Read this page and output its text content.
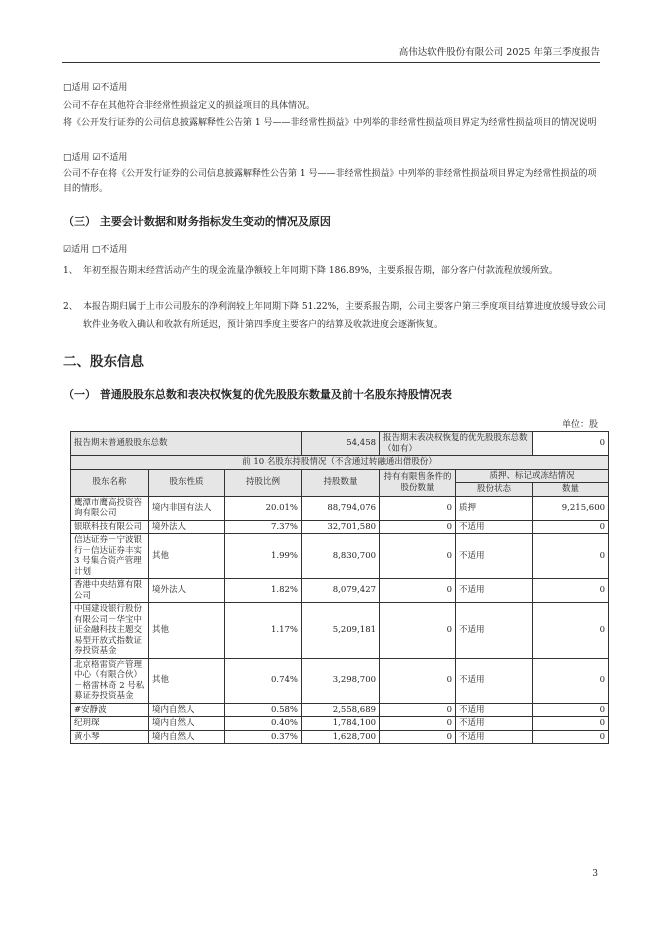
高伟达软件股份有限公司 2025 年第三季度报告
□适用 ☑不适用
公司不存在其他符合非经常性损益定义的损益项目的具体情况。
将《公开发行证券的公司信息披露解释性公告第 1 号——非经常性损益》中列举的非经常性损益项目界定为经常性损益项目的情况说明
□适用 ☑不适用
公司不存在将《公开发行证券的公司信息披露解释性公告第 1 号——非经常性损益》中列举的非经常性损益项目界定为经常性损益的项目的情形。
（三） 主要会计数据和财务指标发生变动的情况及原因
☑适用 □不适用
1、 年初至报告期末经营活动产生的现金流量净额较上年同期下降 186.89%，主要系报告期，部分客户付款流程放缓所致。
2、 本报告期归属于上市公司股东的净利润较上年同期下降 51.22%，主要系报告期，公司主要客户第三季度项目结算进度放缓导致公司软件业务收入确认和收款有所延迟，预计第四季度主要客户的结算及收款进度会逐渐恢复。
二、股东信息
（一） 普通股股东总数和表决权恢复的优先股股东数量及前十名股东持股情况表
单位：股
报告期末普通股股东总数			54,458	报告期末表决权恢复的优先股股东总数（如有）		0
前 10 名股东持股情况（不含通过转融通出借股份）						
股东名称	股东性质	持股比例	持股数量	持有有限售条件的股份数量	质押、标记或冻结情况	
					股份状态	数量
鹰潭市鹰高投资咨询有限公司	境内非国有法人	20.01%	88,794,076	0	质押	9,215,600
银联科技有限公司	境外法人	7.37%	32,701,580	0	不适用	0
信达证券－宁波银行－信达证券丰实 3 号集合资产管理计划	其他	1.99%	8,830,700	0	不适用	0
香港中央结算有限公司	境外法人	1.82%	8,079,427	0	不适用	0
中国建设银行股份有限公司－华宝中证金融科技主题交易型开放式指数证券投资基金	其他	1.17%	5,209,181	0	不适用	0
北京格雷资产管理中心（有限合伙）－格雷林奇 2 号私募证券投资基金	其他	0.74%	3,298,700	0	不适用	0
#安静波	境内自然人	0.58%	2,558,689	0	不适用	0
纪玥琛	境内自然人	0.40%	1,784,100	0	不适用	0
黄小琴	境内自然人	0.37%	1,628,700	0	不适用	0
3
